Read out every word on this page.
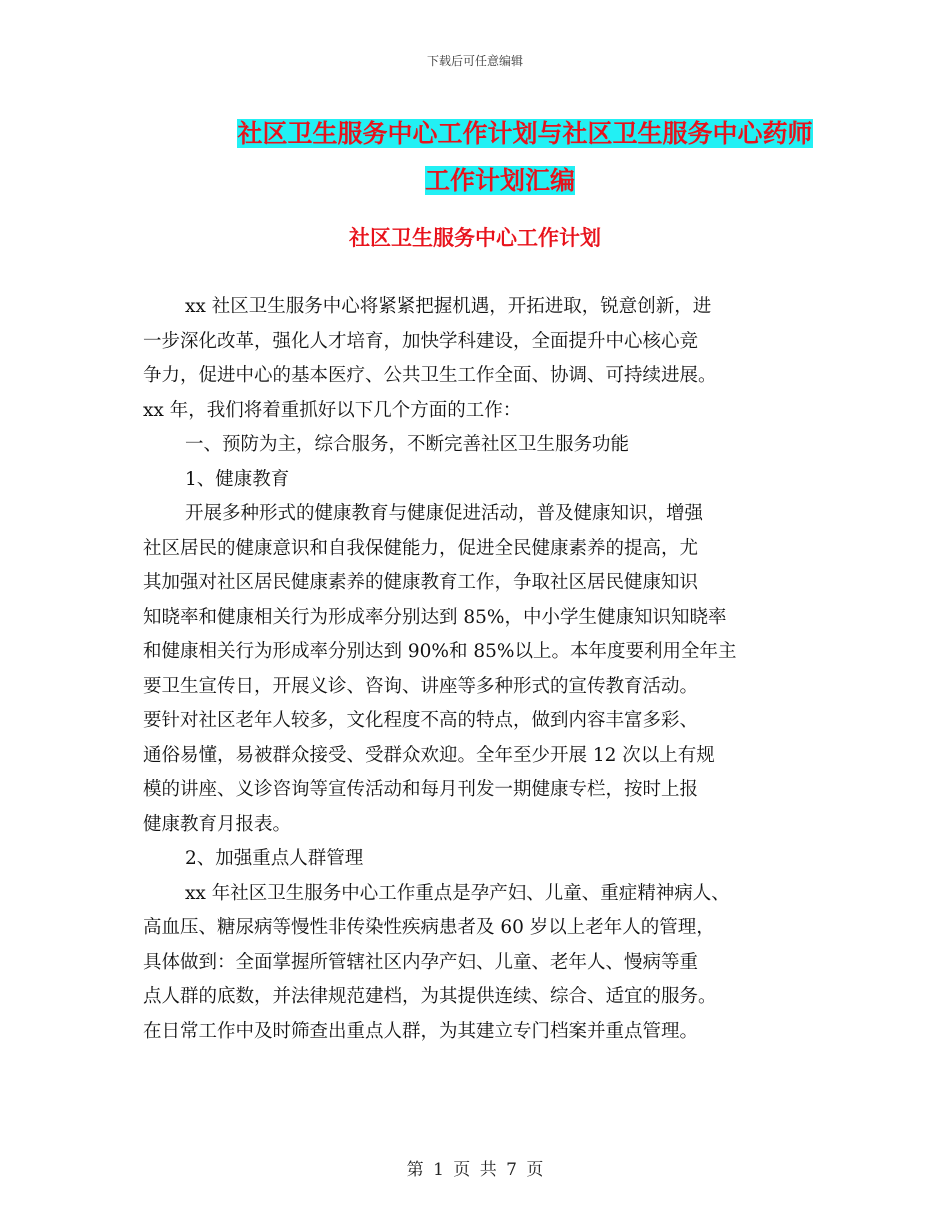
下载后可任意编辑
社区卫生服务中心工作计划与社区卫生服务中心药师
工作计划汇编
社区卫生服务中心工作计划
xx 社区卫生服务中心将紧紧把握机遇，开拓进取，锐意创新，进
一步深化改革，强化人才培育，加快学科建设，全面提升中心核心竞
争力，促进中心的基本医疗、公共卫生工作全面、协调、可持续进展。
xx 年，我们将着重抓好以下几个方面的工作：
一、预防为主，综合服务，不断完善社区卫生服务功能
1、健康教育
开展多种形式的健康教育与健康促进活动，普及健康知识，增强
社区居民的健康意识和自我保健能力，促进全民健康素养的提高，尤
其加强对社区居民健康素养的健康教育工作，争取社区居民健康知识
知晓率和健康相关行为形成率分别达到 85%，中小学生健康知识知晓率
和健康相关行为形成率分别达到 90%和 85%以上。本年度要利用全年主
要卫生宣传日，开展义诊、咨询、讲座等多种形式的宣传教育活动。
要针对社区老年人较多，文化程度不高的特点，做到内容丰富多彩、
通俗易懂，易被群众接受、受群众欢迎。全年至少开展 12 次以上有规
模的讲座、义诊咨询等宣传活动和每月刊发一期健康专栏，按时上报
健康教育月报表。
2、加强重点人群管理
xx 年社区卫生服务中心工作重点是孕产妇、儿童、重症精神病人、
高血压、糖尿病等慢性非传染性疾病患者及 60 岁以上老年人的管理，
具体做到：全面掌握所管辖社区内孕产妇、儿童、老年人、慢病等重
点人群的底数，并法律规范建档，为其提供连续、综合、适宜的服务。
在日常工作中及时筛查出重点人群，为其建立专门档案并重点管理。
第 1 页 共 7 页
